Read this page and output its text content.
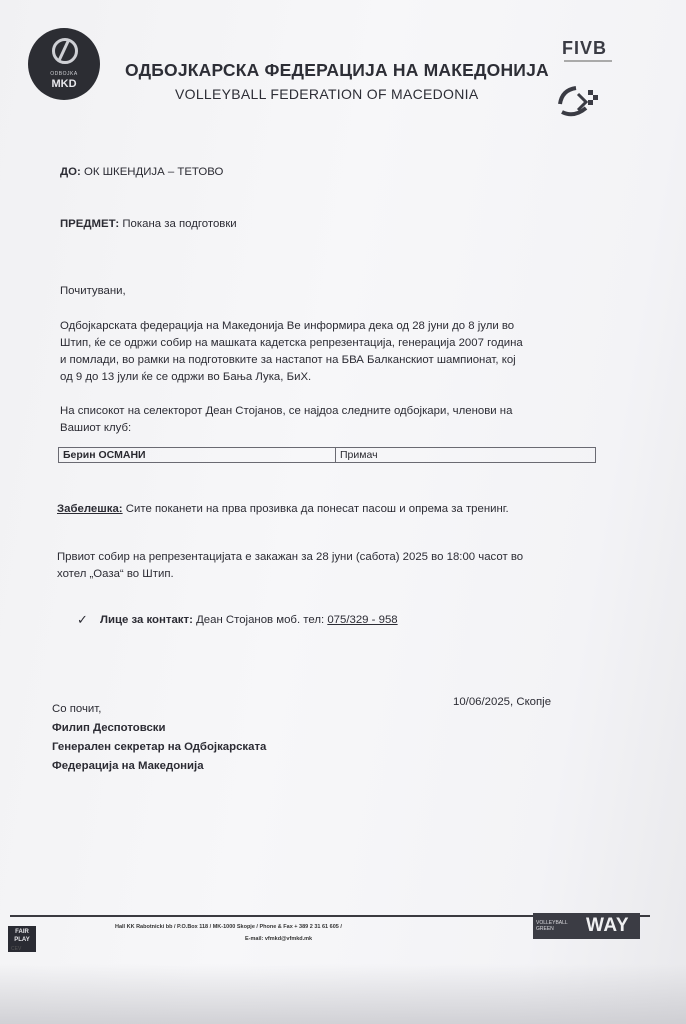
ODBOJKA
MKD
ОДБОЈКАРСКА ФЕДЕРАЦИЈА НА МАКЕДОНИЈА
VOLLEYBALL FEDERATION OF MACEDONIA
FIVB
ДО: ОК ШКЕНДИЈА – ТЕТОВО
ПРЕДМЕТ: Покана за подготовки
Почитувани,
Одбојкарската федерација на Македонија Ве информира дека од 28 јуни до 8 јули во
Штип, ќе се одржи собир на машката кадетска репрезентација, генерација 2007 година
и помлади, во рамки на подготовките за настапот на БВА Балканскиот шампионат, кој
од 9 до 13 јули ќе се одржи во Бања Лука, БиХ.
На списокот на селекторот Деан Стојанов, се најдоа следните одбојкари, членови на
Вашиот клуб:
Берин ОСМАНИ	Примач
Забелешка: Сите поканети на прва прозивка да понесат пасош и опрема за тренинг.
Првиот собир на репрезентацијата е закажан за 28 јуни (сабота) 2025 во 18:00 часот во
хотел „Оаза“ во Штип.
✓ Лице за контакт: Деан Стојанов моб. тел: 075/329 - 958
10/06/2025, Скопје
Со почит,
Филип Деспотовски
Генерален секретар на Одбојкарската
Федерација на Македонија
FAIR PLAY
CEV
Hall KK Rabotnicki bb / P.O.Box 118 / MK-1000 Skopje / Phone & Fax + 389 2 31 61 605 /
E-mail: vfmkd@vfmkd.mk
VOLLEYBALL GREEN	WAY
